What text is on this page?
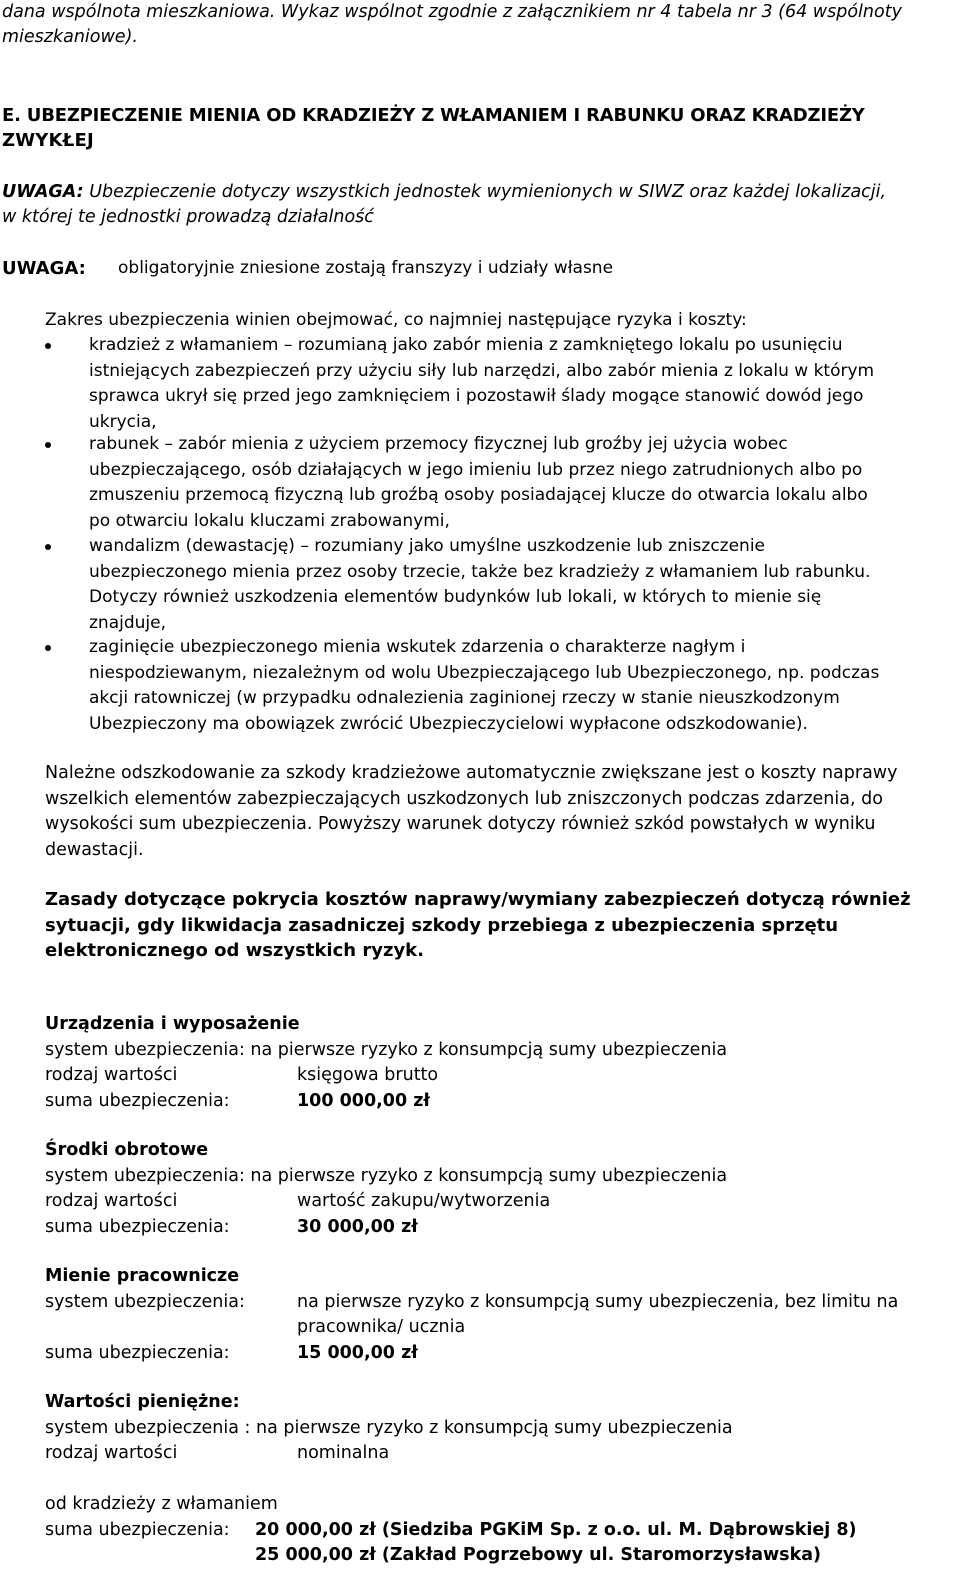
dana wspólnota mieszkaniowa. Wykaz wspólnot zgodnie z załącznikiem nr 4 tabela nr 3 (64 wspólnoty
mieszkaniowe).
E. UBEZPIECZENIE MIENIA OD KRADZIEŻY Z WŁAMANIEM I RABUNKU ORAZ KRADZIEŻY
ZWYKŁEJ
UWAGA: Ubezpieczenie dotyczy wszystkich jednostek wymienionych w SIWZ oraz każdej lokalizacji,
w której te jednostki prowadzą działalność
UWAGA: obligatoryjnie zniesione zostają franszyzy i udziały własne
Zakres ubezpieczenia winien obejmować, co najmniej następujące ryzyka i koszty:
kradzież z włamaniem – rozumianą jako zabór mienia z zamkniętego lokalu po usunięciu
istniejących zabezpieczeń przy użyciu siły lub narzędzi, albo zabór mienia z lokalu w którym
sprawca ukrył się przed jego zamknięciem i pozostawił ślady mogące stanowić dowód jego
ukrycia,
rabunek – zabór mienia z użyciem przemocy fizycznej lub groźby jej użycia wobec
ubezpieczającego, osób działających w jego imieniu lub przez niego zatrudnionych albo po
zmuszeniu przemocą fizyczną lub groźbą osoby posiadającej klucze do otwarcia lokalu albo
po otwarciu lokalu kluczami zrabowanymi,
wandalizm (dewastację) – rozumiany jako umyślne uszkodzenie lub zniszczenie
ubezpieczonego mienia przez osoby trzecie, także bez kradzieży z włamaniem lub rabunku.
Dotyczy również uszkodzenia elementów budynków lub lokali, w których to mienie się
znajduje,
zaginięcie ubezpieczonego mienia wskutek zdarzenia o charakterze nagłym i
niespodziewanym, niezależnym od wolu Ubezpieczającego lub Ubezpieczonego, np. podczas
akcji ratowniczej (w przypadku odnalezienia zaginionej rzeczy w stanie nieuszkodzonym
Ubezpieczony ma obowiązek zwrócić Ubezpieczycielowi wypłacone odszkodowanie).
Należne odszkodowanie za szkody kradzieżowe automatycznie zwiększane jest o koszty naprawy
wszelkich elementów zabezpieczających uszkodzonych lub zniszczonych podczas zdarzenia, do
wysokości sum ubezpieczenia. Powyższy warunek dotyczy również szkód powstałych w wyniku
dewastacji.
Zasady dotyczące pokrycia kosztów naprawy/wymiany zabezpieczeń dotyczą również
sytuacji, gdy likwidacja zasadniczej szkody przebiega z ubezpieczenia sprzętu
elektronicznego od wszystkich ryzyk.
Urządzenia i wyposażenie
system ubezpieczenia: na pierwsze ryzyko z konsumpcją sumy ubezpieczenia
rodzaj wartości	księgowa brutto
suma ubezpieczenia:	100 000,00 zł
Środki obrotowe
system ubezpieczenia: na pierwsze ryzyko z konsumpcją sumy ubezpieczenia
rodzaj wartości	wartość zakupu/wytworzenia
suma ubezpieczenia:	30 000,00 zł
Mienie pracownicze
system ubezpieczenia:	na pierwsze ryzyko z konsumpcją sumy ubezpieczenia, bez limitu na
pracownika/ ucznia
suma ubezpieczenia:	15 000,00 zł
Wartości pieniężne:
system ubezpieczenia : na pierwsze ryzyko z konsumpcją sumy ubezpieczenia
rodzaj wartości	nominalna
od kradzieży z włamaniem
suma ubezpieczenia: 20 000,00 zł (Siedziba PGKiM Sp. z o.o. ul. M. Dąbrowskiej 8)
25 000,00 zł (Zakład Pogrzebowy ul. Staromorzysławska)
